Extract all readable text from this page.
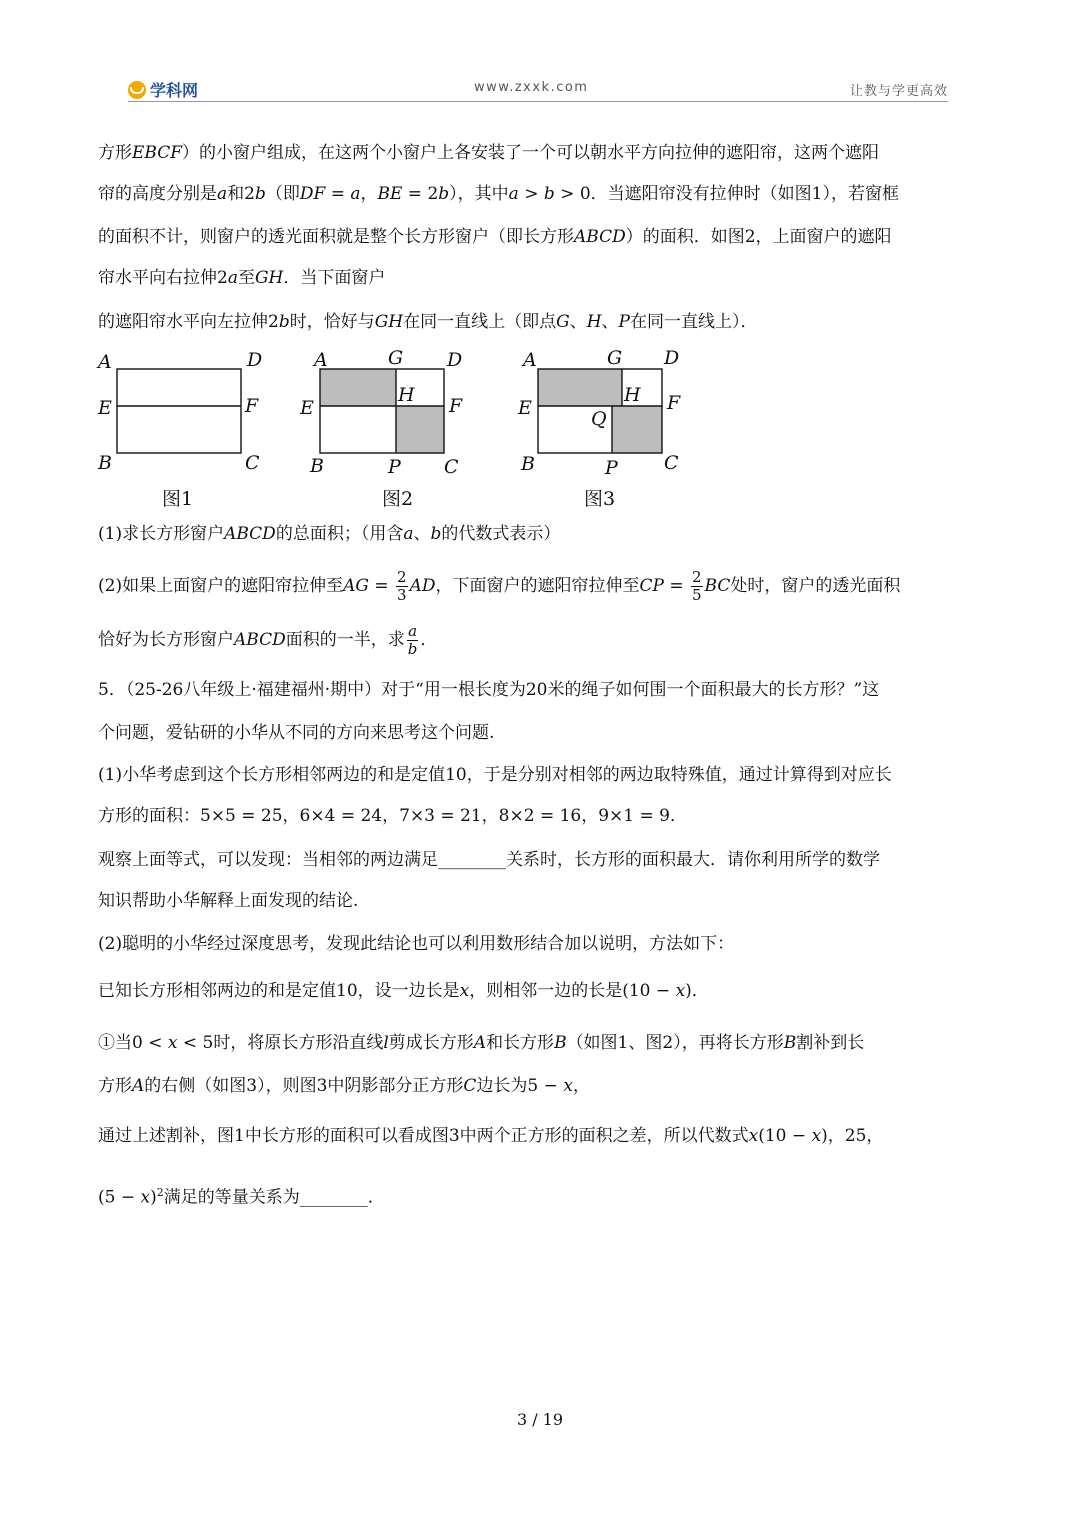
学科网	www.zxxk.com	让教与学更高效
方形EBCF）的小窗户组成，在这两个小窗户上各安装了一个可以朝水平方向拉伸的遮阳帘，这两个遮阳
帘的高度分别是a和2b（即DF = a，BE = 2b），其中a > b > 0．当遮阳帘没有拉伸时（如图1），若窗框
的面积不计，则窗户的透光面积就是整个长方形窗户（即长方形ABCD）的面积．如图2，上面窗户的遮阳
帘水平向右拉伸2a至GH．当下面窗户
的遮阳帘水平向左拉伸2b时，恰好与GH在同一直线上（即点G、H、P在同一直线上）．
A	D
E	F
B	C
图1
A	G D
H
E	F
B	P C
图2
A	G D
H
E	F
Q
B	P C
图3
(1)求长方形窗户ABCD的总面积；（用含a、b的代数式表示）
(2)如果上面窗户的遮阳帘拉伸至AG = $\frac{2}{3}$ AD，下面窗户的遮阳帘拉伸至CP = $\frac{2}{5}$ BC处时，窗户的透光面积
恰好为长方形窗户ABCD面积的一半，求 $\frac{a}{b}$ ．
5．（25-26八年级上·福建福州·期中）对于“用一根长度为20米的绳子如何围一个面积最大的长方形？”这
个问题，爱钻研的小华从不同的方向来思考这个问题.
(1)小华考虑到这个长方形相邻两边的和是定值10，于是分别对相邻的两边取特殊值，通过计算得到对应长
方形的面积：5×5 = 25，6×4 = 24，7×3 = 21，8×2 = 16，9×1 = 9．
观察上面等式，可以发现：当相邻的两边满足________关系时，长方形的面积最大．请你利用所学的数学
知识帮助小华解释上面发现的结论.
(2)聪明的小华经过深度思考，发现此结论也可以利用数形结合加以说明，方法如下：
已知长方形相邻两边的和是定值10，设一边长是x，则相邻一边的长是(10 − x)．
①当0 < x < 5时，将原长方形沿直线l剪成长方形A和长方形B（如图1、图2），再将长方形B割补到长
方形A的右侧（如图3），则图3中阴影部分正方形C边长为5 − x，
通过上述割补，图1中长方形的面积可以看成图3中两个正方形的面积之差，所以代数式x(10 − x)，25，
$(5 - x)^2$满足的等量关系为________．
3 / 19
